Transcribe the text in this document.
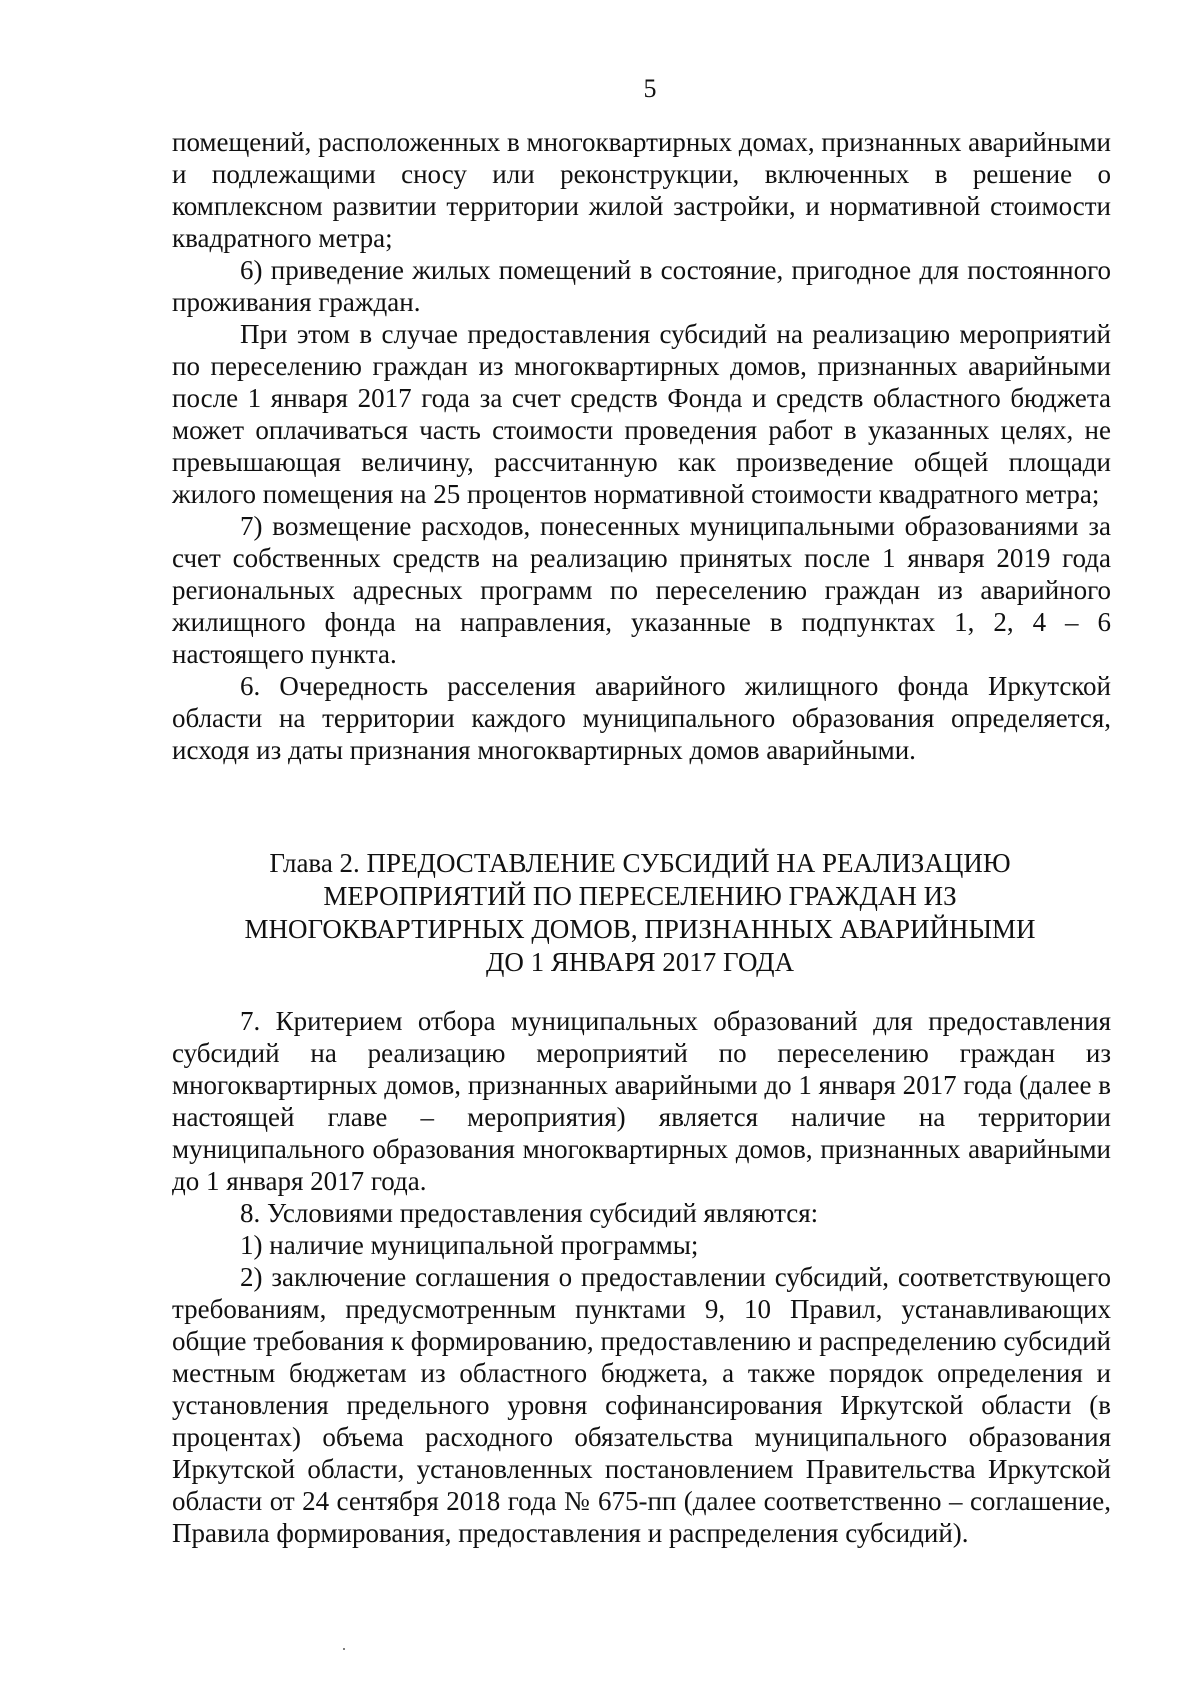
5

помещений, расположенных в многоквартирных домах, признанных аварийными и подлежащими сносу или реконструкции, включенных в решение о комплексном развитии территории жилой застройки, и нормативной стоимости квадратного метра;

6) приведение жилых помещений в состояние, пригодное для постоянного проживания граждан.

При этом в случае предоставления субсидий на реализацию мероприятий по переселению граждан из многоквартирных домов, признанных аварийными после 1 января 2017 года за счет средств Фонда и средств областного бюджета может оплачиваться часть стоимости проведения работ в указанных целях, не превышающая величину, рассчитанную как произведение общей площади жилого помещения на 25 процентов нормативной стоимости квадратного метра;

7) возмещение расходов, понесенных муниципальными образованиями за счет собственных средств на реализацию принятых после 1 января 2019 года региональных адресных программ по переселению граждан из аварийного жилищного фонда на направления, указанные в подпунктах 1, 2, 4 – 6 настоящего пункта.

6. Очередность расселения аварийного жилищного фонда Иркутской области на территории каждого муниципального образования определяется, исходя из даты признания многоквартирных домов аварийными.

Глава 2. ПРЕДОСТАВЛЕНИЕ СУБСИДИЙ НА РЕАЛИЗАЦИЮ
МЕРОПРИЯТИЙ ПО ПЕРЕСЕЛЕНИЮ ГРАЖДАН ИЗ
МНОГОКВАРТИРНЫХ ДОМОВ, ПРИЗНАННЫХ АВАРИЙНЫМИ
ДО 1 ЯНВАРЯ 2017 ГОДА

7. Критерием отбора муниципальных образований для предоставления субсидий на реализацию мероприятий по переселению граждан из многоквартирных домов, признанных аварийными до 1 января 2017 года (далее в настоящей главе – мероприятия) является наличие на территории муниципального образования многоквартирных домов, признанных аварийными до 1 января 2017 года.

8. Условиями предоставления субсидий являются:

1) наличие муниципальной программы;

2) заключение соглашения о предоставлении субсидий, соответствующего требованиям, предусмотренным пунктами 9, 10 Правил, устанавливающих общие требования к формированию, предоставлению и распределению субсидий местным бюджетам из областного бюджета, а также порядок определения и установления предельного уровня софинансирования Иркутской области (в процентах) объема расходного обязательства муниципального образования Иркутской области, установленных постановлением Правительства Иркутской области от 24 сентября 2018 года № 675-пп (далее соответственно – соглашение, Правила формирования, предоставления и распределения субсидий).
